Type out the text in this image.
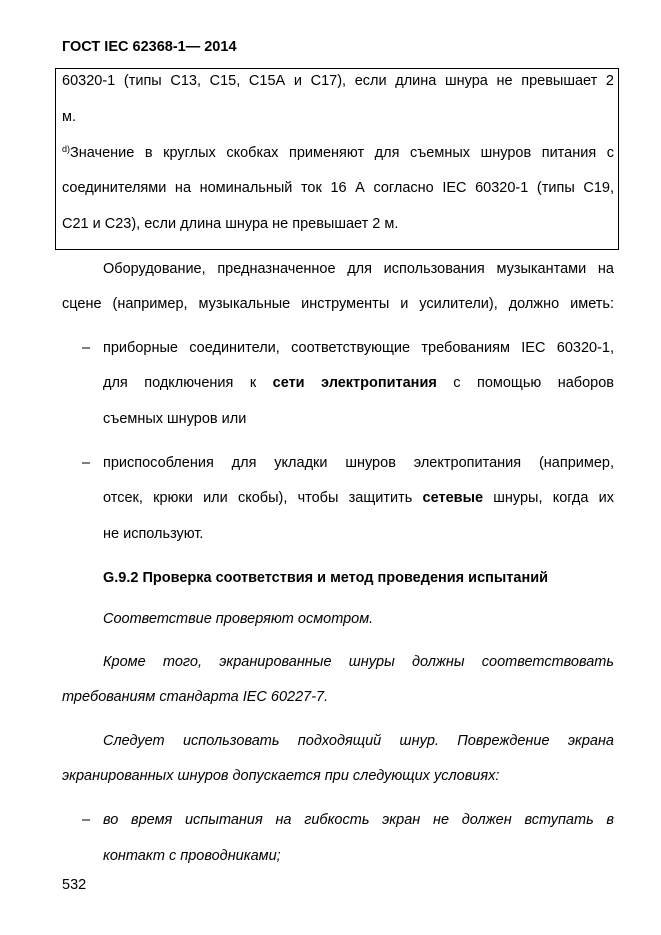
ГОСТ IEC 62368-1— 2014
60320-1 (типы С13, С15, С15А и С17), если длина шнура не превышает 2
м.
$^{d)}$Значение в круглых скобках применяют для съемных шнуров питания с
соединителями на номинальный ток 16 А согласно IEC 60320-1 (типы С19,
С21 и С23), если длина шнура не превышает 2 м.
Оборудование, предназначенное для использования музыкантами на
сцене (например, музыкальные инструменты и усилители), должно иметь:
– приборные соединители, соответствующие требованиям IEC 60320-1,
для подключения к сети электропитания с помощью наборов
съемных шнуров или
– приспособления для укладки шнуров электропитания (например,
отсек, крюки или скобы), чтобы защитить сетевые шнуры, когда их
не используют.
G.9.2 Проверка соответствия и метод проведения испытаний
Соответствие проверяют осмотром.
Кроме того, экранированные шнуры должны соответствовать
требованиям стандарта IEC 60227-7.
Следует использовать подходящий шнур. Повреждение экрана
экранированных шнуров допускается при следующих условиях:
– во время испытания на гибкость экран не должен вступать в
контакт с проводниками;
532
